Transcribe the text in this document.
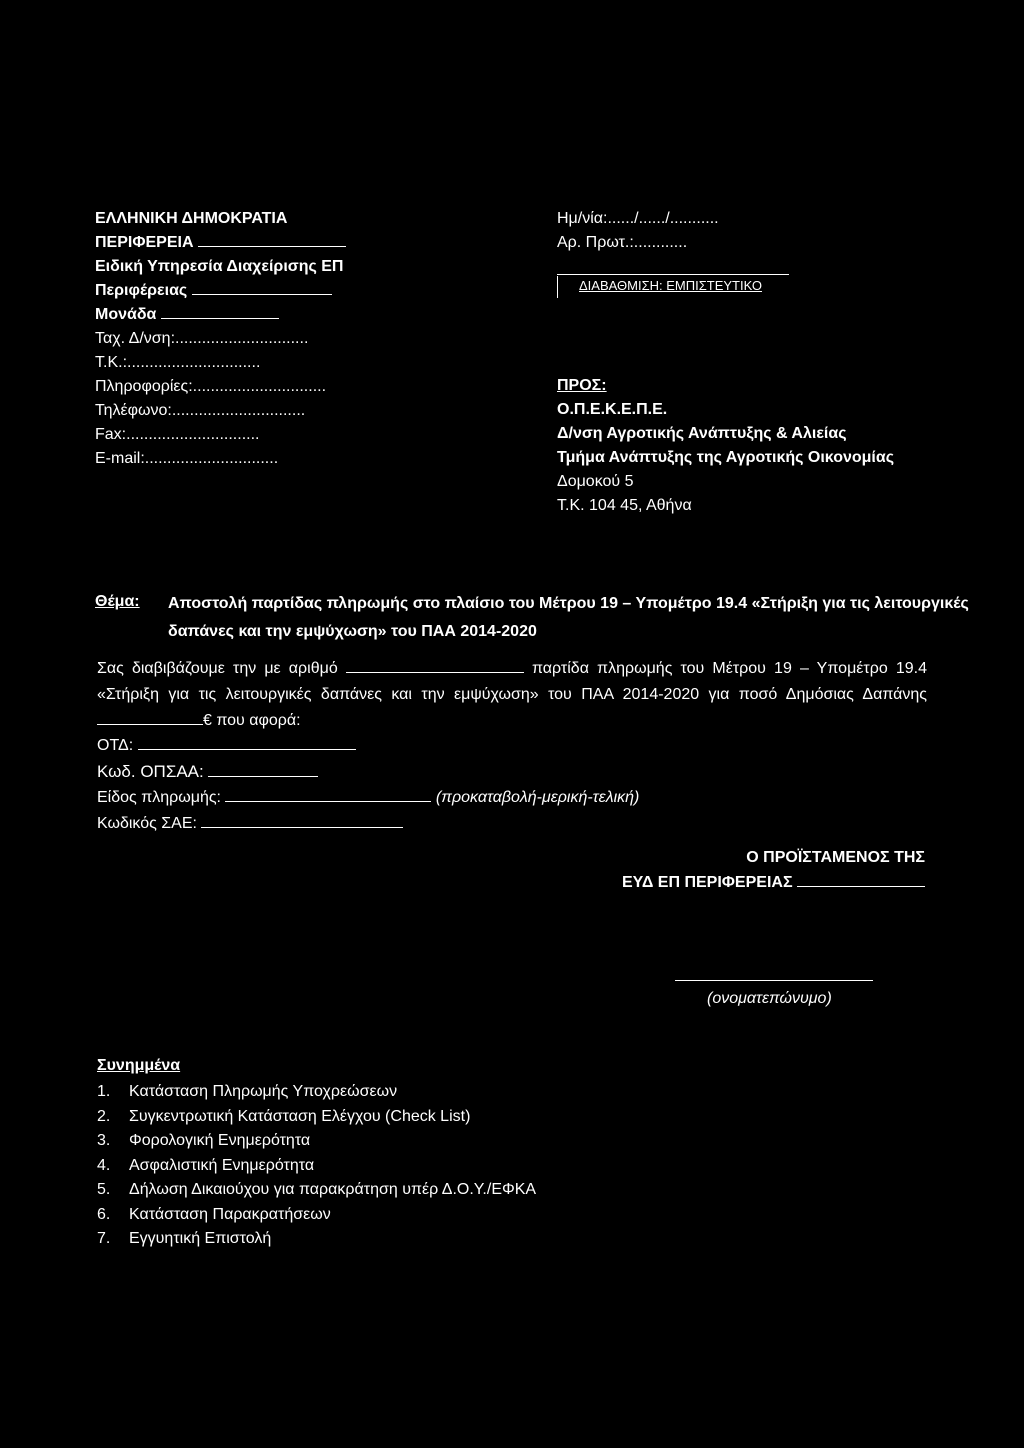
ΕΛΛΗΝΙΚΗ ΔΗΜΟΚΡΑΤΙΑ
ΠΕΡΙΦΕΡΕΙΑ
Ειδική Υπηρεσία Διαχείρισης ΕΠ
Περιφέρειας
Μονάδα
Ταχ. Δ/νση:..............................
Τ.Κ.:..............................
Πληροφορίες:..............................
Τηλέφωνο:..............................
Fax:..............................
E-mail:..............................
Ημ/νία:....../....../...........
Αρ. Πρωτ.:............
ΔΙΑΒΑΘΜΙΣΗ: ΕΜΠΙΣΤΕΥΤΙΚΟ
ΠΡΟΣ:
Ο.Π.Ε.Κ.Ε.Π.Ε.
Δ/νση Αγροτικής Ανάπτυξης & Αλιείας
Τμήμα Ανάπτυξης της Αγροτικής Οικονομίας
Δομοκού 5
Τ.Κ. 104 45, Αθήνα
Θέμα: Αποστολή παρτίδας πληρωμής στο πλαίσιο του Μέτρου 19 – Υπομέτρο 19.4 «Στήριξη για τις λειτουργικές δαπάνες και την εμψύχωση» του ΠΑΑ 2014-2020
Σας διαβιβάζουμε την με αριθμό	παρτίδα πληρωμής του Μέτρου 19 – Υπομέτρο 19.4 «Στήριξη για τις λειτουργικές δαπάνες και την εμψύχωση» του ΠΑΑ 2014-2020 για ποσό Δημόσιας Δαπάνης € που αφορά:
ΟΤΔ:
Κωδ. ΟΠΣΑΑ:
Είδος πληρωμής:	(προκαταβολή-μερική-τελική)
Κωδικός ΣΑΕ:
Ο ΠΡΟΪΣΤΑΜΕΝΟΣ ΤΗΣ
ΕΥΔ ΕΠ ΠΕΡΙΦΕΡΕΙΑΣ
(ονοματεπώνυμο)
Συνημμένα
1. Κατάσταση Πληρωμής Υποχρεώσεων
2. Συγκεντρωτική Κατάσταση Ελέγχου (Check List)
3. Φορολογική Ενημερότητα
4. Ασφαλιστική Ενημερότητα
5. Δήλωση Δικαιούχου για παρακράτηση υπέρ Δ.Ο.Υ./ΕΦΚΑ
6. Κατάσταση Παρακρατήσεων
7. Εγγυητική Επιστολή
